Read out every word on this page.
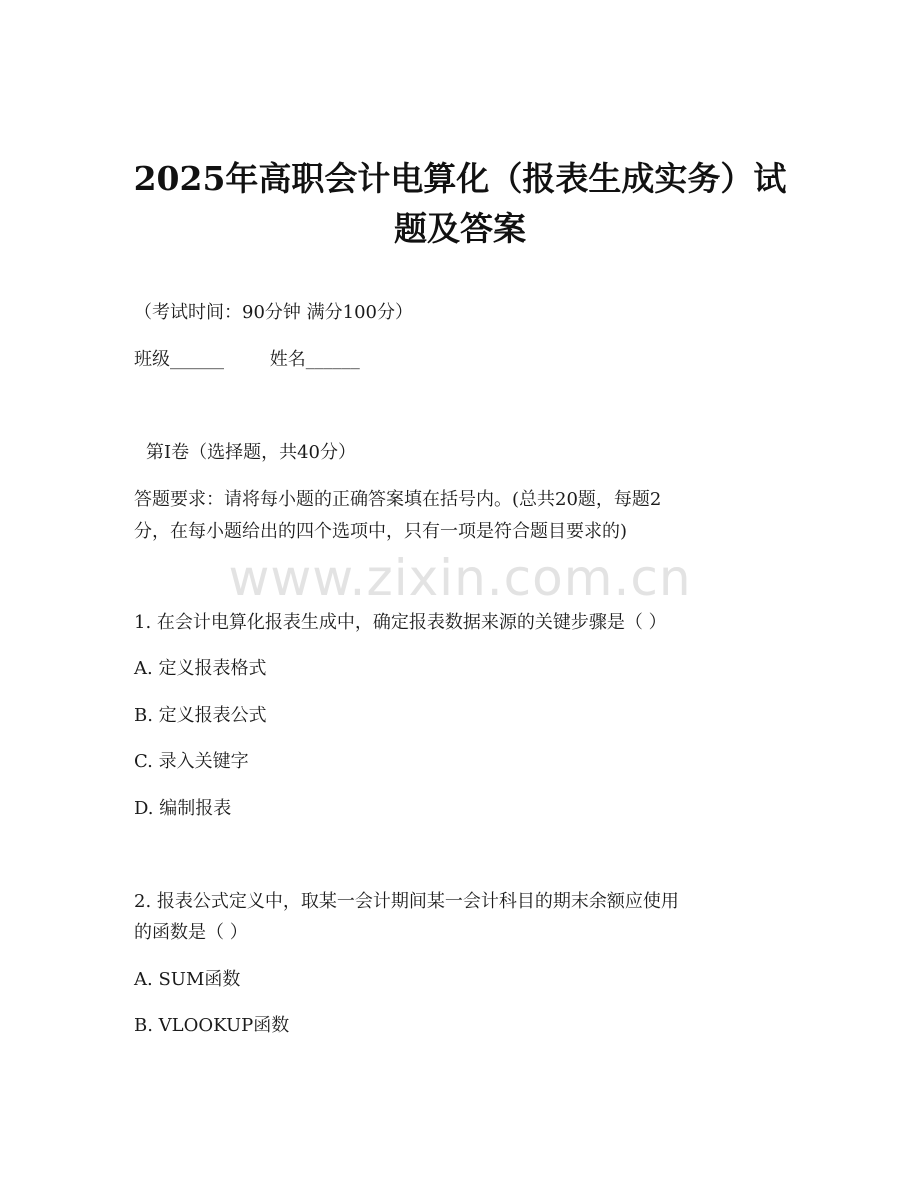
2025年高职会计电算化（报表生成实务）试
题及答案
（考试时间：90分钟 满分100分）
班级______        姓名______
第I卷（选择题，共40分）
答题要求：请将每小题的正确答案填在括号内。(总共20题，每题2
分，在每小题给出的四个选项中，只有一项是符合题目要求的)
www.zixin.com.cn
1. 在会计电算化报表生成中，确定报表数据来源的关键步骤是（ ）
A. 定义报表格式
B. 定义报表公式
C. 录入关键字
D. 编制报表
2. 报表公式定义中，取某一会计期间某一会计科目的期末余额应使用
的函数是（ ）
A. SUM函数
B. VLOOKUP函数
